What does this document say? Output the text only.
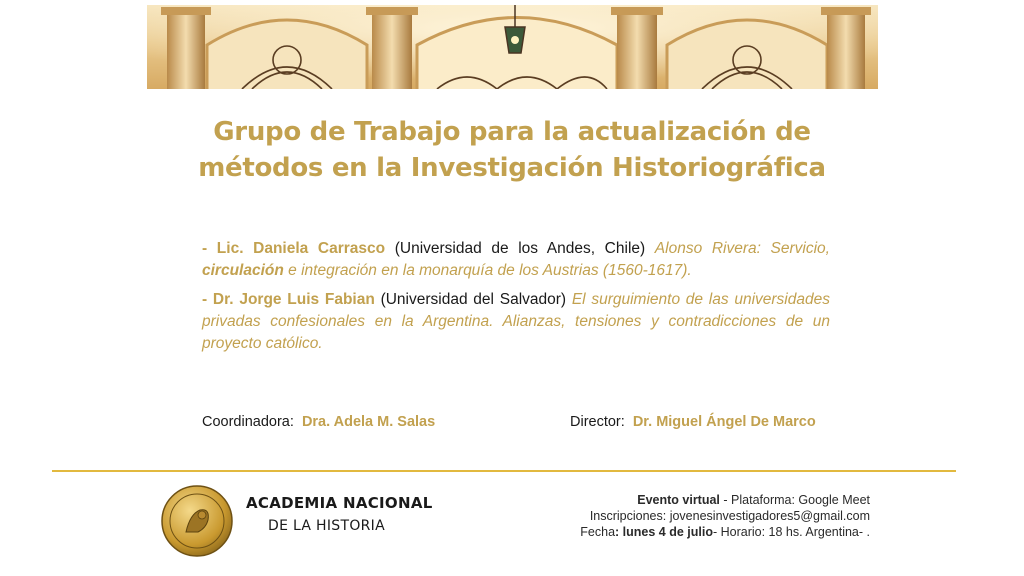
Grupo de Trabajo para la actualización de
métodos en la Investigación Historiográfica

- Lic. Daniela Carrasco (Universidad de los Andes, Chile) Alonso Rivera: Servicio, circulación e integración en la monarquía de los Austrias (1560-1617).

- Dr. Jorge Luis Fabian (Universidad del Salvador) El surguimiento de las universidades privadas confesionales en la Argentina. Alianzas, tensiones y contradicciones de un proyecto católico.

Coordinadora: Dra. Adela M. Salas	Director: Dr. Miguel Ángel De Marco
ACADEMIA NACIONAL
DE LA HISTORIA
Evento virtual - Plataforma: Google Meet
Inscripciones: jovenesinvestigadores5@gmail.com
Fecha: lunes 4 de julio- Horario: 18 hs. Argentina- .
